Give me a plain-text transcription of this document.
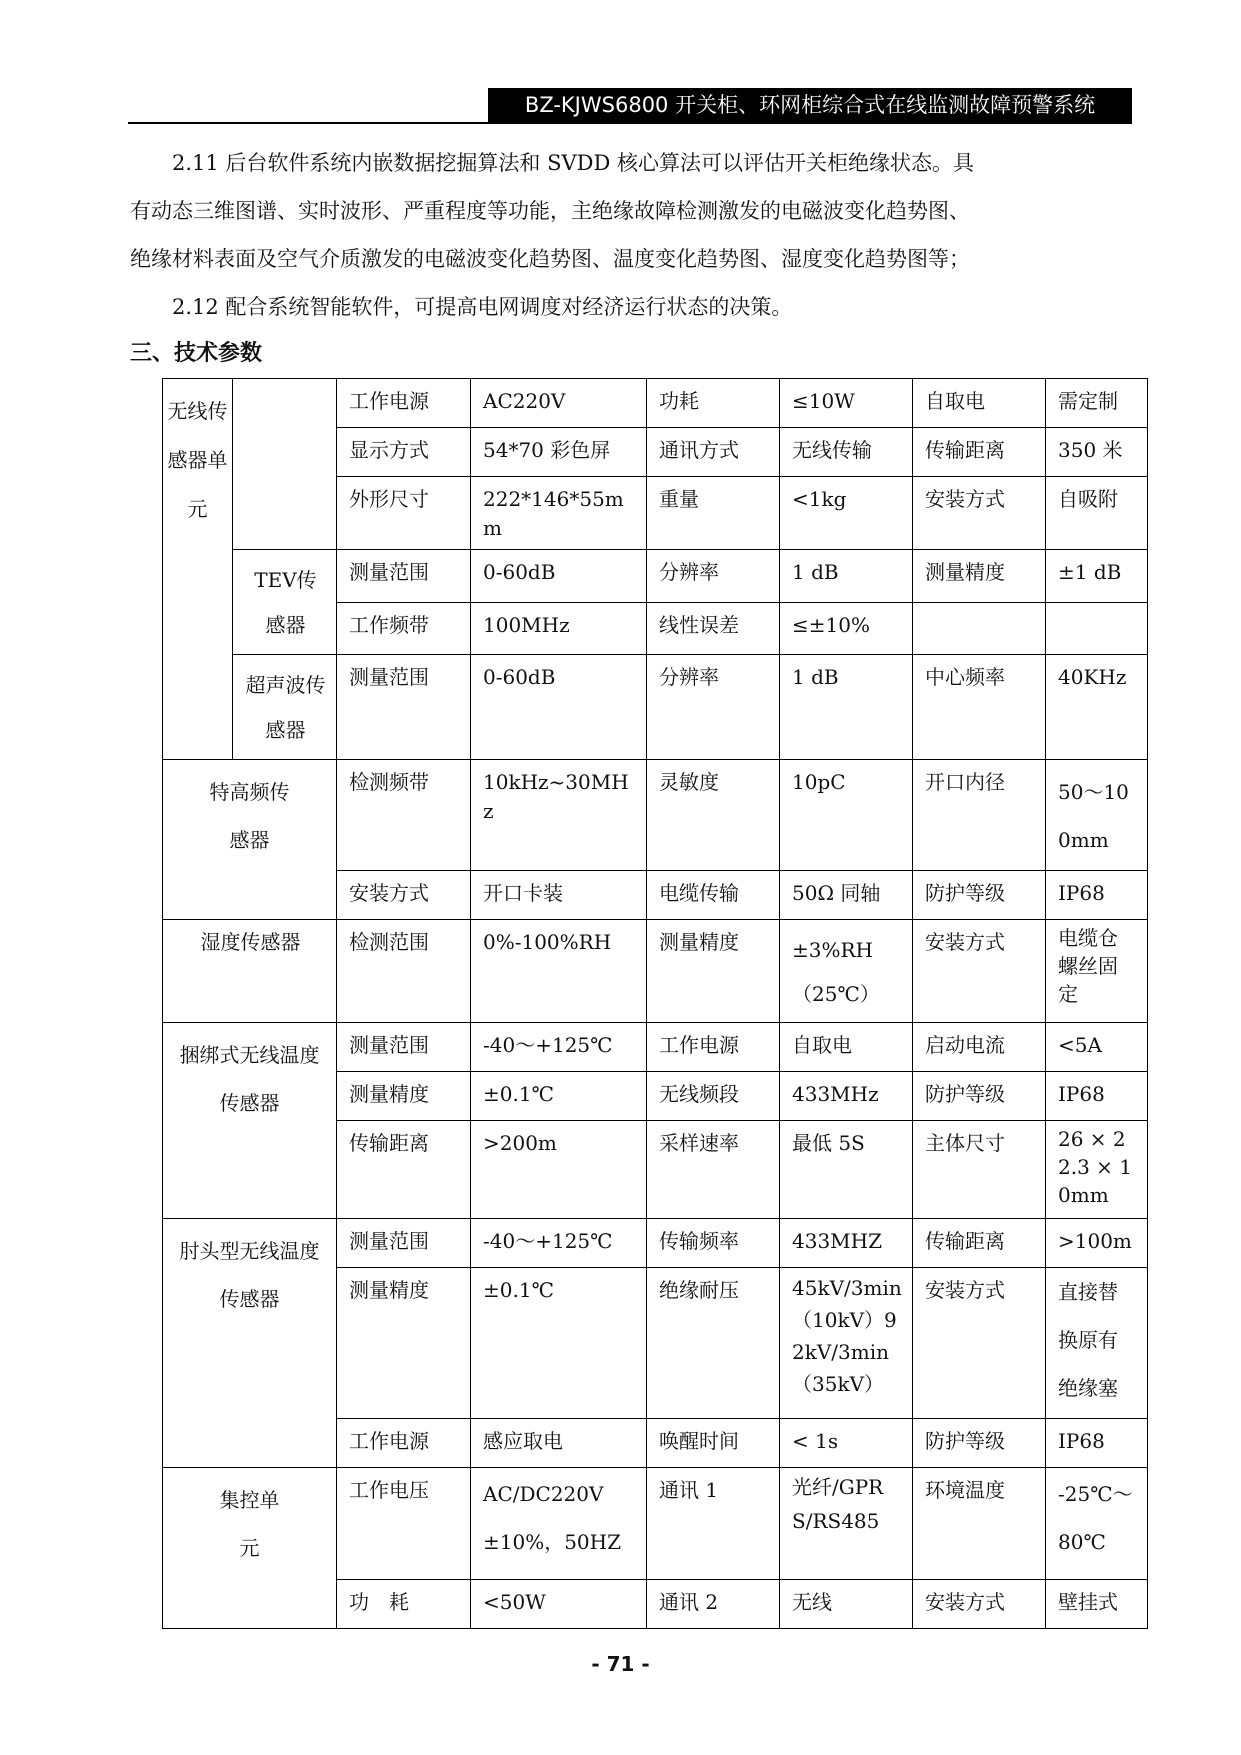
BZ-KJWS6800 开关柜、环网柜综合式在线监测故障预警系统
　　2.11 后台软件系统内嵌数据挖掘算法和 SVDD 核心算法可以评估开关柜绝缘状态。具
有动态三维图谱、实时波形、严重程度等功能，主绝缘故障检测激发的电磁波变化趋势图、
绝缘材料表面及空气介质激发的电磁波变化趋势图、温度变化趋势图、湿度变化趋势图等；
　　2.12 配合系统智能软件，可提高电网调度对经济运行状态的决策。
三、技术参数
无线传感器单元		工作电源	AC220V	功耗	≤10W	自取电	需定制
		显示方式	54*70 彩色屏	通讯方式	无线传输	传输距离	350 米
		外形尺寸	222*146*55mm	重量	<1kg	安装方式	自吸附
	TEV传感器	测量范围	0-60dB	分辨率	1 dB	测量精度	±1 dB
		工作频带	100MHz	线性误差	≤±10%		
	超声波传感器	测量范围	0-60dB	分辨率	1 dB	中心频率	40KHz

特高频传感器		检测频带	10kHz~30MHz	灵敏度	10pC	开口内径	50～100mm
		安装方式	开口卡装	电缆传输	50Ω 同轴	防护等级	IP68
湿度传感器		检测范围	0%-100%RH	测量精度	±3%RH（25℃）	安装方式	电缆仓螺丝固定
捆绑式无线温度传感器		测量范围	-40～+125℃	工作电源	自取电	启动电流	<5A
		测量精度	±0.1℃	无线频段	433MHz	防护等级	IP68
		传输距离	>200m	采样速率	最低 5S	主体尺寸	26 × 22.3 × 10mm
肘头型无线温度传感器		测量范围	-40～+125℃	传输频率	433MHZ	传输距离	>100m
		测量精度	±0.1℃	绝缘耐压	45kV/3min（10kV）92kV/3min（35kV）	安装方式	直接替换原有绝缘塞
		工作电源	感应取电	唤醒时间	< 1s	防护等级	IP68
集控单元		工作电压	AC/DC220V ±10%，50HZ	通讯 1	光纤/GPRS/RS485	环境温度	-25℃～80℃
		功　耗	<50W	通讯 2	无线	安装方式	壁挂式
- 71 -
